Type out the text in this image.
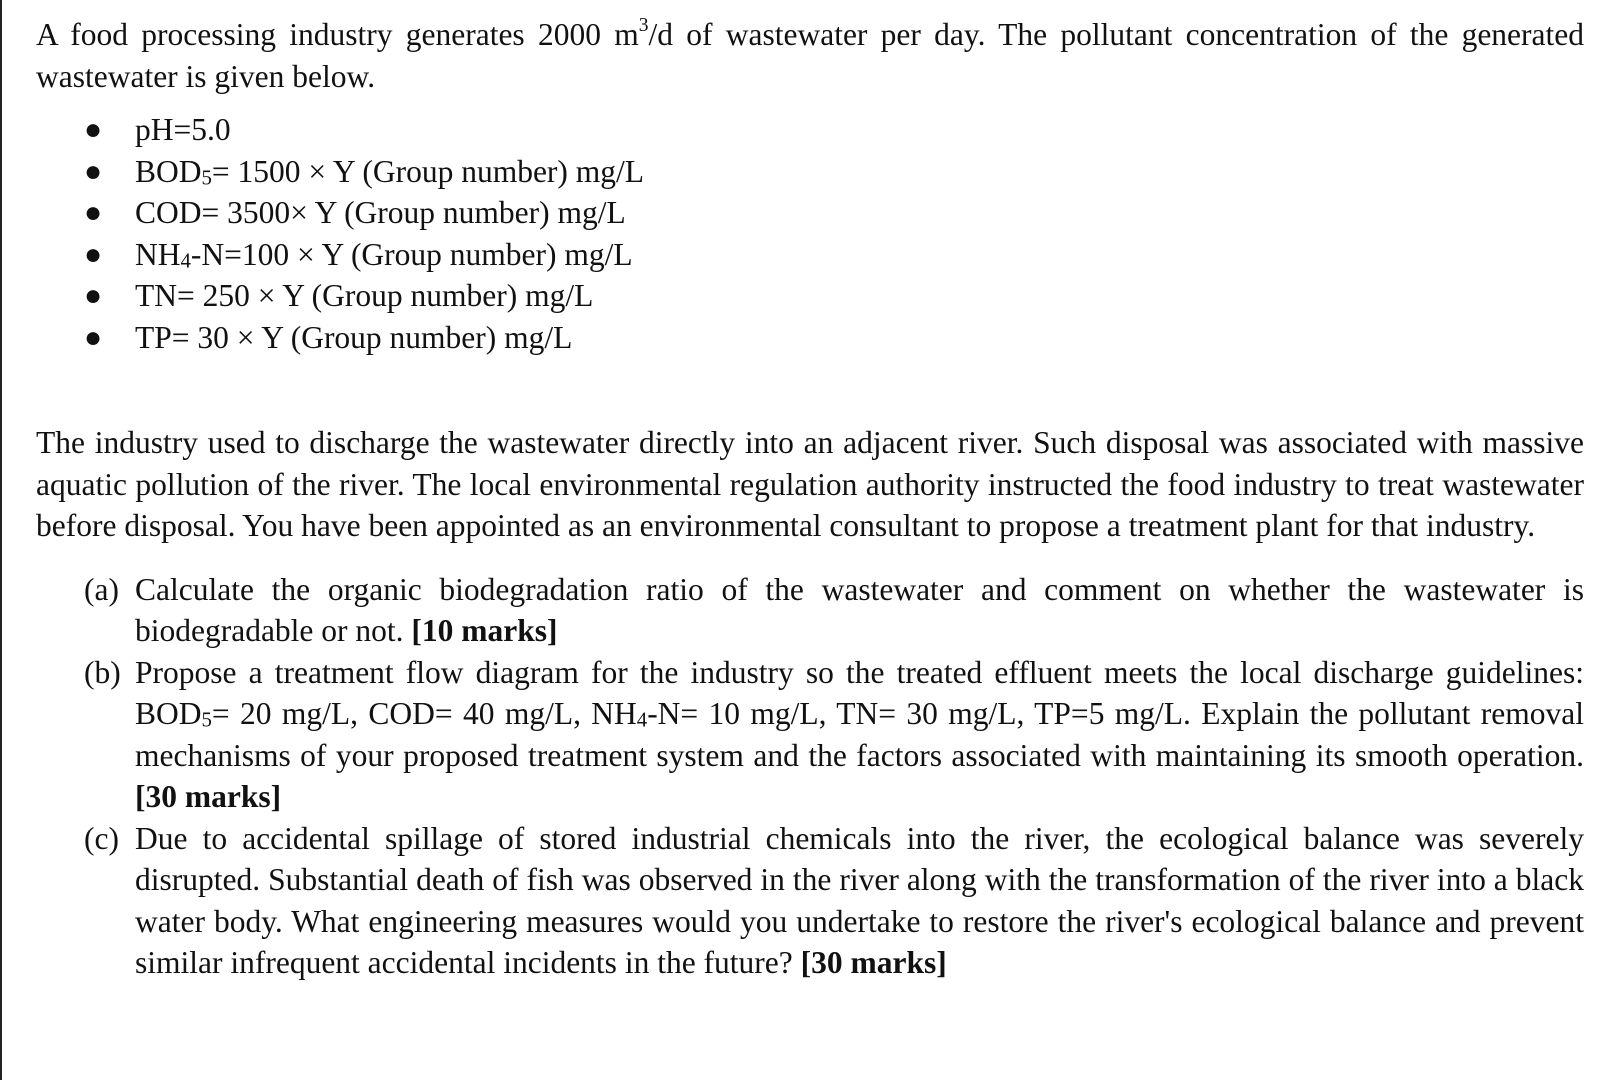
A food processing industry generates 2000 $m^3/d$ of wastewater per day. The pollutant concentration of the generated wastewater is given below.

● pH=5.0
● $BOD_5= 1500 \times Y$ (Group number) mg/L
● COD= 3500× Y (Group number) mg/L
● $NH_4-N=100 \times Y$ (Group number) mg/L
● TN= 250 × Y (Group number) mg/L
● TP= 30 × Y (Group number) mg/L

The industry used to discharge the wastewater directly into an adjacent river. Such disposal was associated with massive aquatic pollution of the river. The local environmental regulation authority instructed the food industry to treat wastewater before disposal. You have been appointed as an environmental consultant to propose a treatment plant for that industry.

(a) Calculate the organic biodegradation ratio of the wastewater and comment on whether the wastewater is biodegradable or not. [10 marks]
(b) Propose a treatment flow diagram for the industry so the treated effluent meets the local discharge guidelines: $BOD_5= 20$ mg/L, COD= 40 mg/L, $NH_4-N= 10$ mg/L, TN= 30 mg/L, TP=5 mg/L. Explain the pollutant removal mechanisms of your proposed treatment system and the factors associated with maintaining its smooth operation. [30 marks]
(c) Due to accidental spillage of stored industrial chemicals into the river, the ecological balance was severely disrupted. Substantial death of fish was observed in the river along with the transformation of the river into a black water body. What engineering measures would you undertake to restore the river's ecological balance and prevent similar infrequent accidental incidents in the future? [30 marks]
